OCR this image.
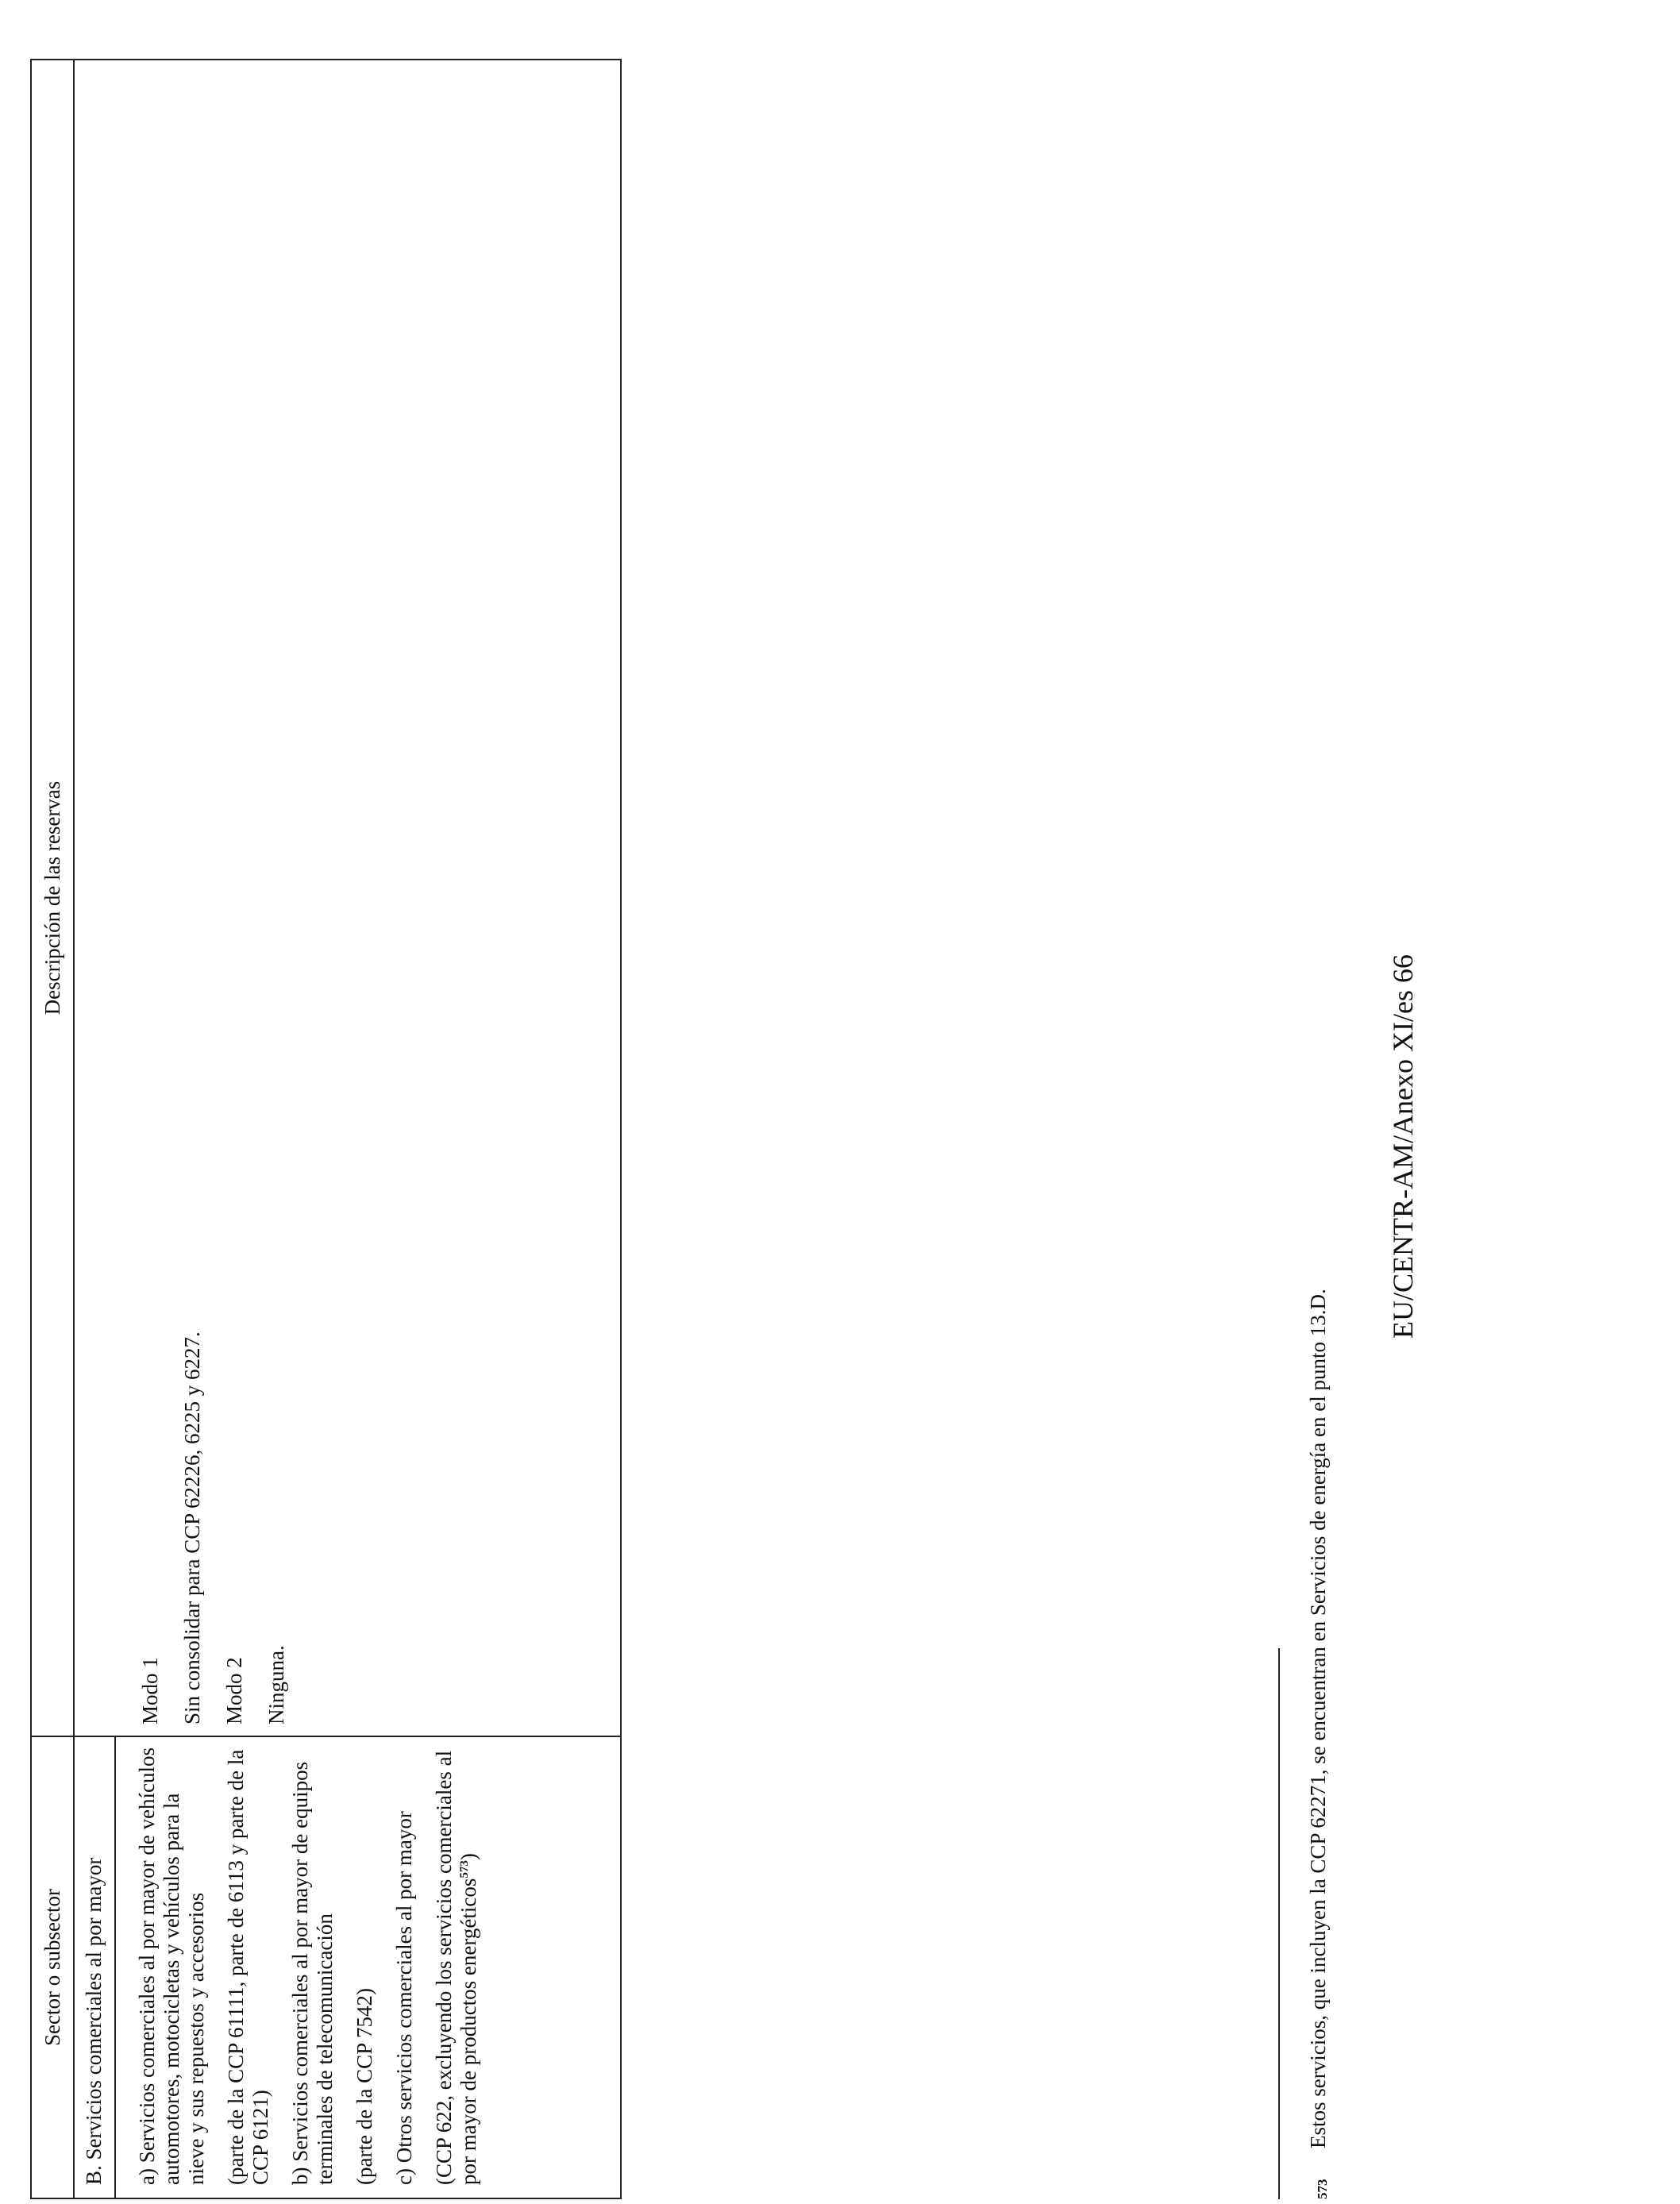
Sector o subsector
Descripción de las reservas
B. Servicios comerciales al por mayor	a) Servicios comerciales al por mayor de vehículos automotores, motocicletas y vehículos para la nieve y sus repuestos y accesorios (parte de la CCP 61111, parte de 6113 y parte de la CCP 6121) b) Servicios comerciales al por mayor de equipos terminales de telecomunicación (parte de la CCP 7542) c) Otros servicios comerciales al por mayor (CCP 622, excluyendo los servicios comerciales al por mayor de productos energéticos$^{573}$)

Modo 1 Sin consolidar para CCP 62226, 6225 y 6227. Modo 2 Ninguna.

573
Estos servicios, que incluyen la CCP 62271, se encuentran en Servicios de energía en el punto 13.D.
EU/CENTR-AM/Anexo XI/es 66
